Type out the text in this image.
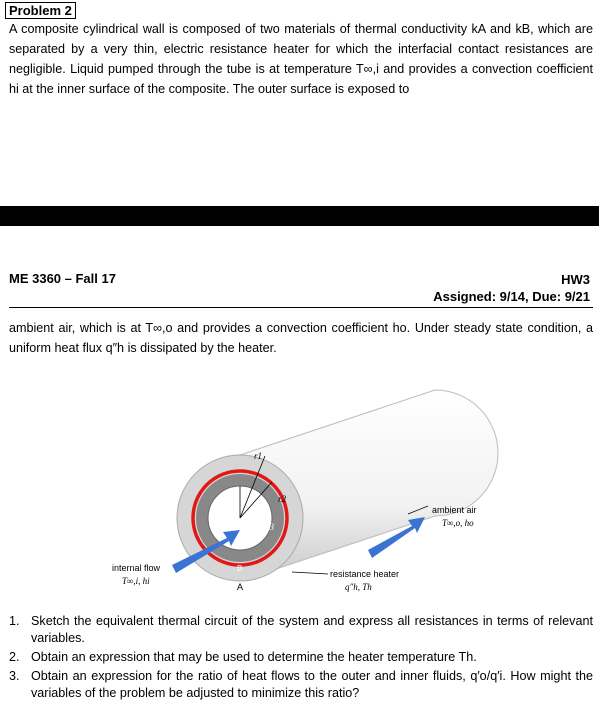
Problem 2
A composite cylindrical wall is composed of two materials of thermal conductivity kA and kB, which are separated by a very thin, electric resistance heater for which the interfacial contact resistances are negligible. Liquid pumped through the tube is at temperature T∞,i and provides a convection coefficient hi at the inner surface of the composite. The outer surface is exposed to
ME 3360 – Fall 17	HW3
Assigned: 9/14, Due: 9/21
ambient air, which is at T∞,o and provides a convection coefficient ho. Under steady state condition, a uniform heat flux q″h is dissipated by the heater.
r1
r2
r3
B
A
ambient air
T∞,o, ho
internal flow
T∞,i, hi
resistance heater
q″h, Th
1. Sketch the equivalent thermal circuit of the system and express all resistances in terms of relevant variables.
2. Obtain an expression that may be used to determine the heater temperature Th.
3. Obtain an expression for the ratio of heat flows to the outer and inner fluids, q′o/q′i. How might the variables of the problem be adjusted to minimize this ratio?
